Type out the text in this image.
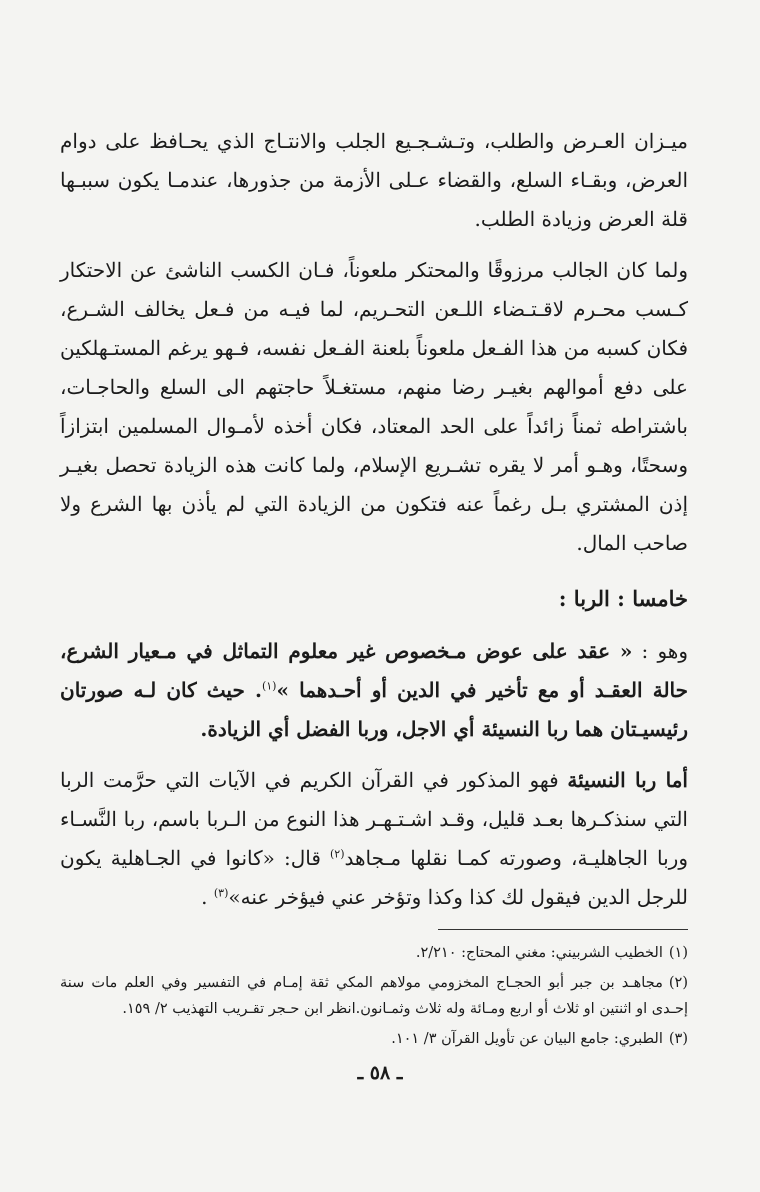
ميـزان العـرض والطلب، وتـشـجـيع الجلب والانتـاج الذي يحـافظ على دوام العرض، وبقـاء السلع، والقضاء عـلى الأزمة من جذورها، عندمـا يكون سببـها قلة العرض وزيادة الطلب.

ولما كان الجالب مرزوقًا والمحتكر ملعوناً، فـان الكسب الناشئ عن الاحتكار كـسب محـرم لاقـتـضاء اللـعن التحـريم، لما فيـه من فـعل يخالف الشـرع، فكان كسبه من هذا الفـعل ملعوناً بلعنة الفـعل نفسه، فـهو يرغم المستـهلكين على دفع أموالهم بغيـر رضا منهم، مستغـلاً حاجتهم الى السلع والحاجـات، باشتراطه ثمناً زائداً على الحد المعتاد، فكان أخذه لأمـوال المسلمين ابتزازاً وسحتًا، وهـو أمر لا يقره تشـريع الإسلام، ولما كانت هذه الزيادة تحصل بغيـر إذن المشتري بـل رغماً عنه فتكون من الزيادة التي لم يأذن بها الشرع ولا صاحب المال.

خامسا : الربا :

وهو : « عقد على عوض مـخصوص غير معلوم التماثل في مـعيار الشرع، حالة العقـد أو مع تأخير في الدين أو أحـدهما »$^{(١)}$. حيث كان لـه صورتان رئيسيـتان هما ربا النسيئة أي الاجل، وربا الفضل أي الزيادة.

أما ربا النسيئة فهو المذكور في القرآن الكريم في الآيات التي حرَّمت الربا التي سنذكـرها بعـد قليل، وقـد اشـتـهـر هذا النوع من الـربا باسم، ربا النَّسـاء وربا الجاهليـة، وصورته كمـا نقلها مـجاهد$^{(٢)}$ قال: «كانوا في الجـاهلية يكون للرجل الدين فيقول لك كذا وكذا وتؤخر عني فيؤخر عنه»$^{(٣)}$ .

(١)الخطيب الشربيني: مغني المحتاج: ٢/٢١٠.

(٢)مجاهـد بن جبر أبو الحجـاج المخزومي مولاهم المكي ثقة إمـام في التفسير وفي العلم مات سنة إحـدى او اثنتين او ثلاث أو اربع ومـائة وله ثلاث وثمـانون.انظر ابن حـجر تقـريب التهذيب ٢/ ١٥٩.

(٣)الطبري: جامع البيان عن تأويل القرآن ٣/ ١٠١.

ـ ٥٨ ـ
